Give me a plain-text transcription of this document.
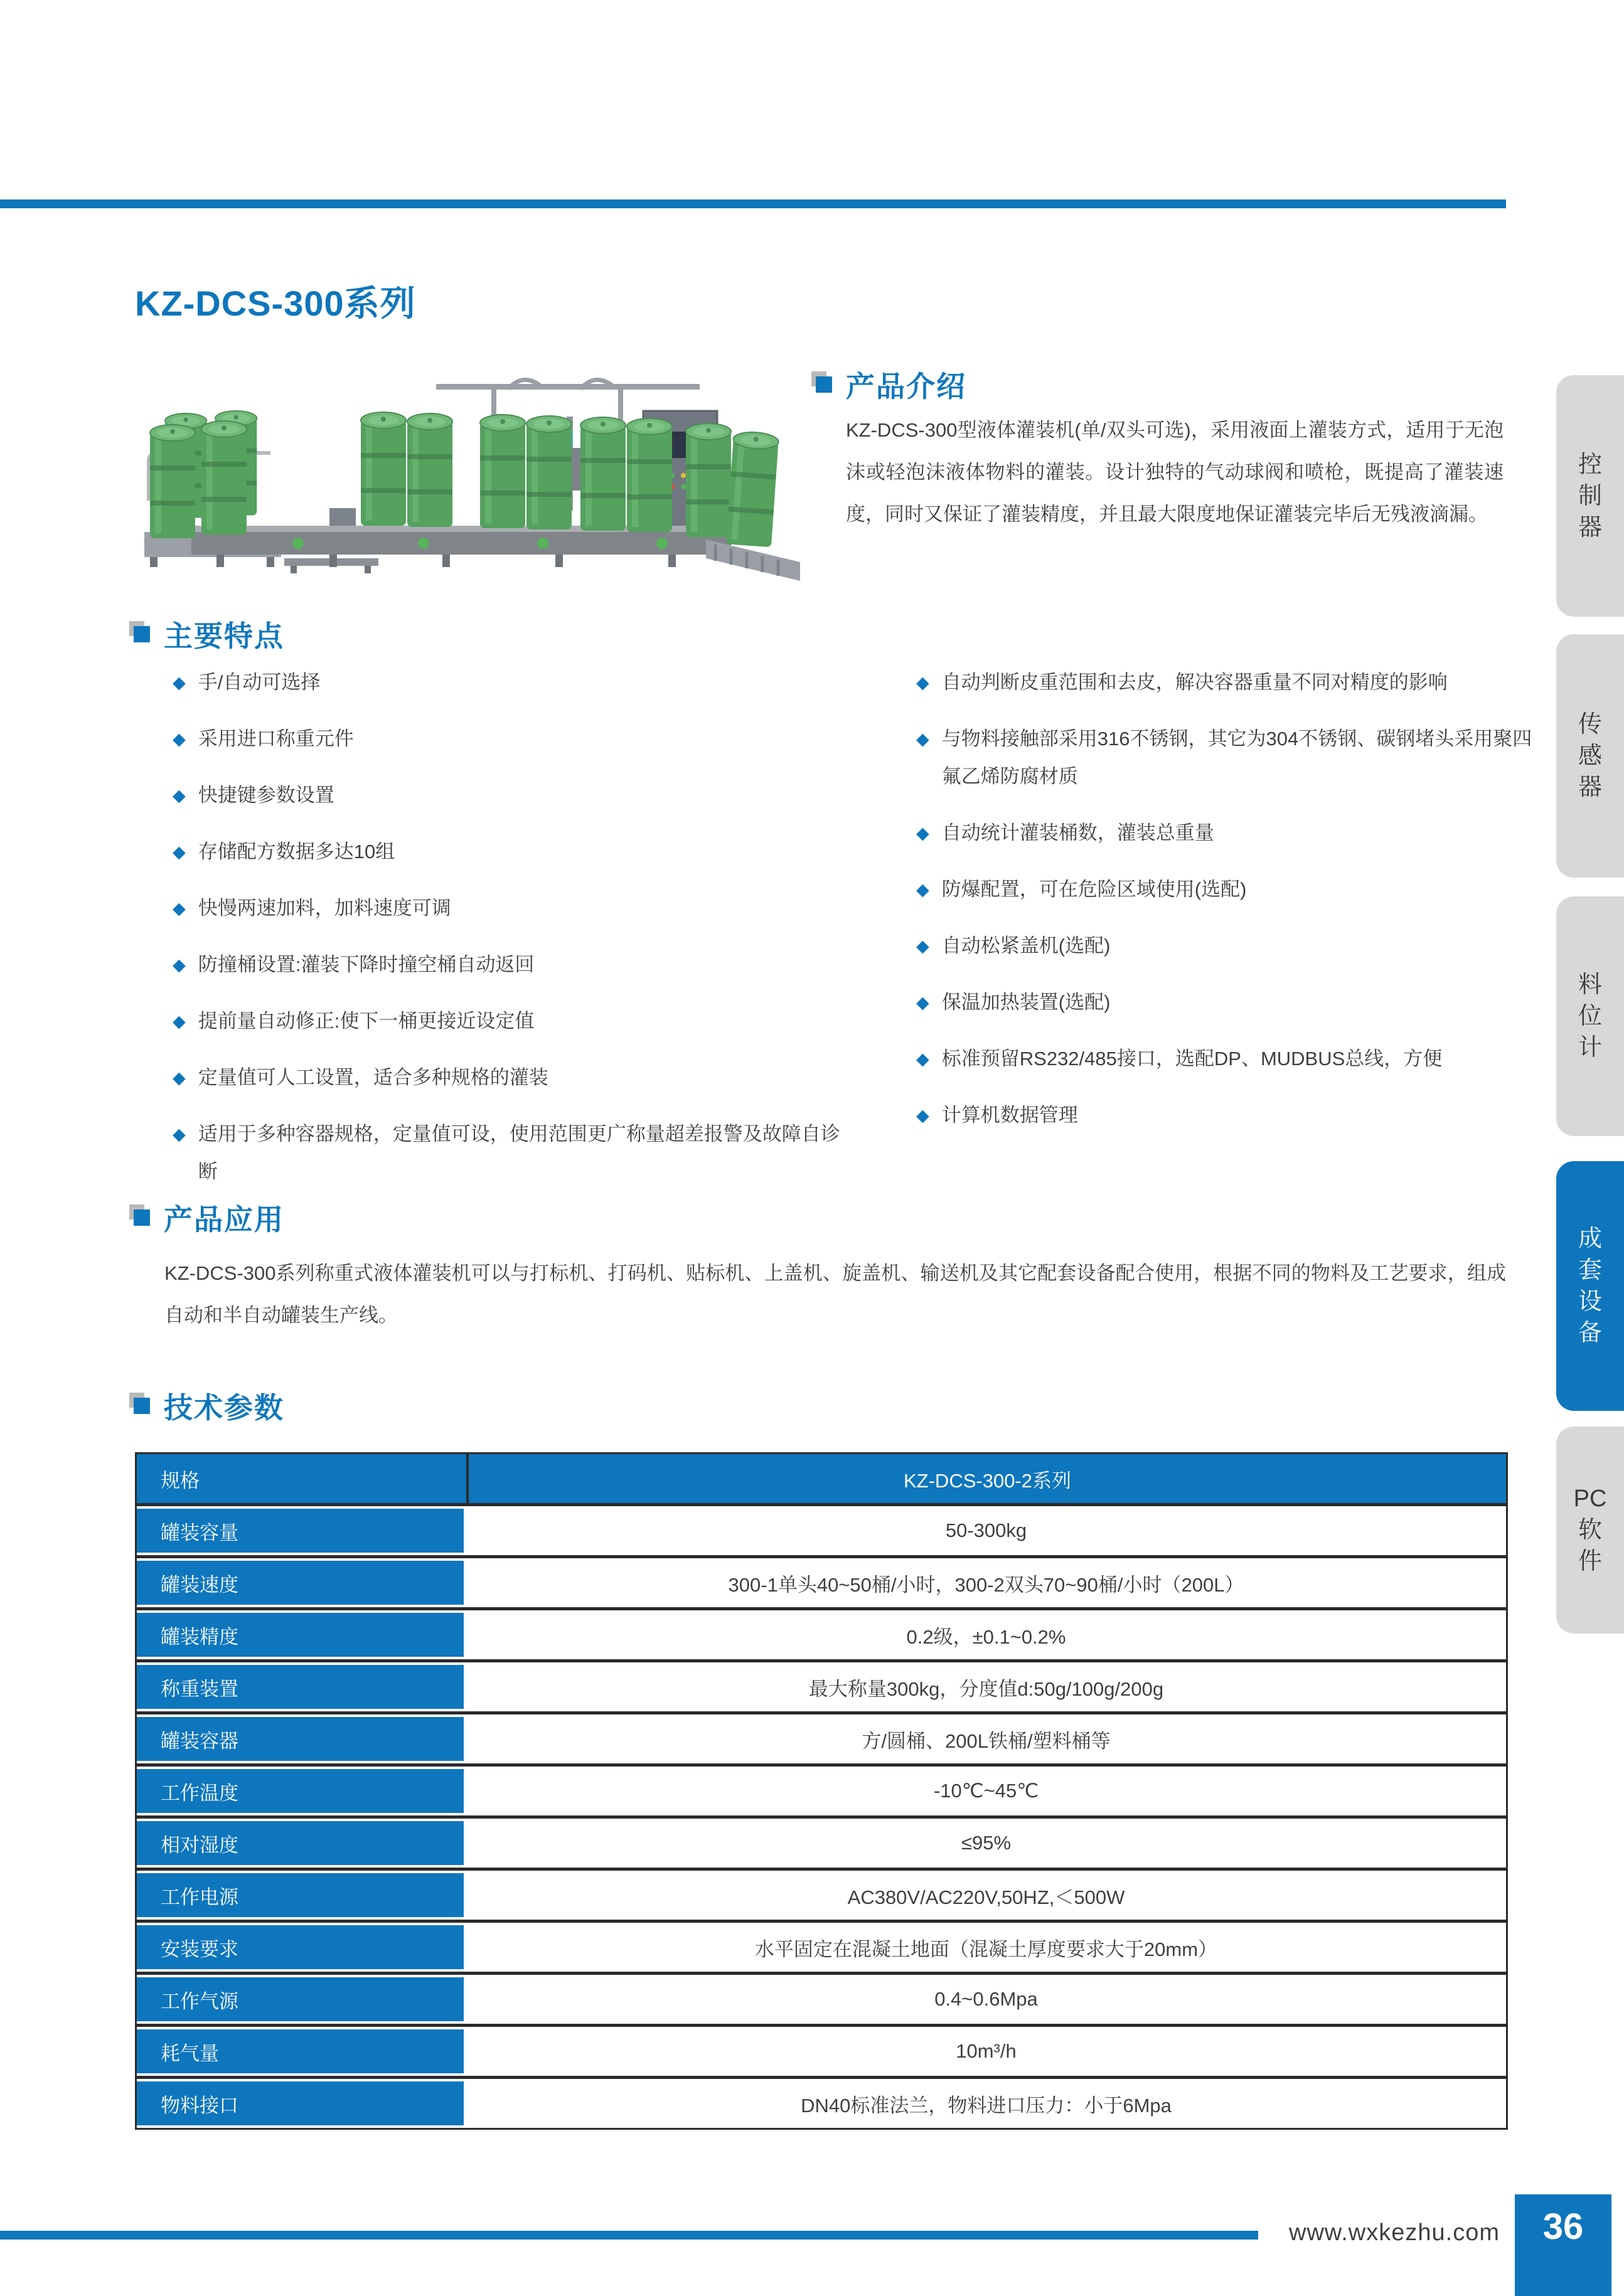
KZ-DCS-300系列
产品介绍

KZ-DCS-300型液体灌装机(单/双头可选)，采用液面上灌装方式，适用于无泡沫或轻泡沫液体物料的灌装。设计独特的气动球阀和喷枪，既提高了灌装速度，同时又保证了灌装精度，并且最大限度地保证灌装完毕后无残液滴漏。

主要特点
◆ 手/自动可选择
◆ 采用进口称重元件
◆ 快捷键参数设置
◆ 存储配方数据多达10组
◆ 快慢两速加料，加料速度可调
◆ 防撞桶设置:灌装下降时撞空桶自动返回
◆ 提前量自动修正:使下一桶更接近设定值
◆ 定量值可人工设置，适合多种规格的灌装
◆ 适用于多种容器规格，定量值可设，使用范围更广称量超差报警及故障自诊断
◆ 自动判断皮重范围和去皮，解决容器重量不同对精度的影响
◆ 与物料接触部采用316不锈钢，其它为304不锈钢、碳钢堵头采用聚四氟乙烯防腐材质
◆ 自动统计灌装桶数，灌装总重量
◆ 防爆配置，可在危险区域使用(选配)
◆ 自动松紧盖机(选配)
◆ 保温加热装置(选配)
◆ 标准预留RS232/485接口，选配DP、MUDBUS总线，方便
◆ 计算机数据管理
产品应用

KZ-DCS-300系列称重式液体灌装机可以与打标机、打码机、贴标机、上盖机、旋盖机、输送机及其它配套设备配合使用，根据不同的物料及工艺要求，组成自动和半自动罐装生产线。

技术参数
规格	KZ-DCS-300-2系列
罐装容量	50-300kg
罐装速度	300-1单头40~50桶/小时，300-2双头70~90桶/小时（200L）
罐装精度	0.2级，±0.1~0.2%
称重装置	最大称量300kg，分度值d:50g/100g/200g
罐装容器	方/圆桶、200L铁桶/塑料桶等
工作温度	-10℃~45℃
相对湿度	≤95%
工作电源	AC380V/AC220V,50HZ,＜500W
安装要求	水平固定在混凝土地面（混凝土厚度要求大于20mm）
工作气源	0.4~0.6Mpa
耗气量	10m³/h
物料接口	DN40标准法兰，物料进口压力：小于6Mpa
控
制
器
传
感
器
料
位
计
成
套
设
备
PC
软
件
www.wxkezhu.com	36
